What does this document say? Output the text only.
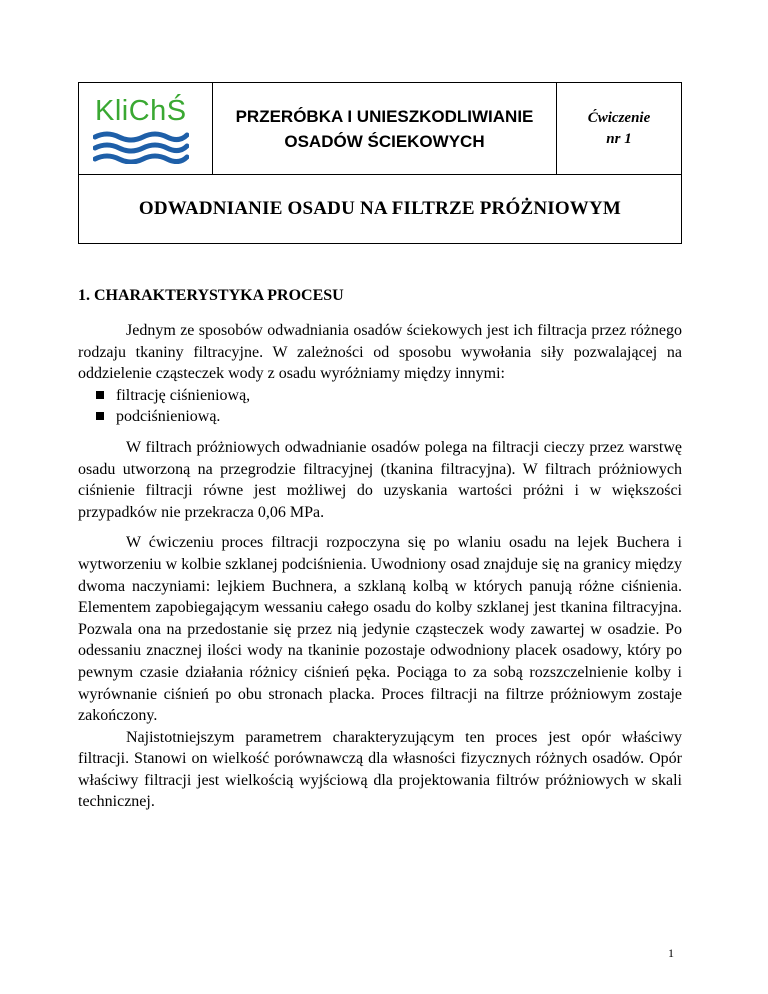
KliChŚ	PRZERÓBKA I UNIESZKODLIWIANIE
OSADÓW ŚCIEKOWYCH
Ćwiczenie
nr 1
ODWADNIANIE OSADU NA FILTRZE PRÓŻNIOWYM
1. CHARAKTERYSTYKA PROCESU

Jednym ze sposobów odwadniania osadów ściekowych jest ich filtracja przez różnego rodzaju tkaniny filtracyjne. W zależności od sposobu wywołania siły pozwalającej na oddzielenie cząsteczek wody z osadu wyróżniamy między innymi:

filtrację ciśnieniową,
podciśnieniową.

W filtrach próżniowych odwadnianie osadów polega na filtracji cieczy przez warstwę osadu utworzoną na przegrodzie filtracyjnej (tkanina filtracyjna). W filtrach próżniowych ciśnienie filtracji równe jest możliwej do uzyskania wartości próżni i w większości przypadków nie przekracza 0,06 MPa.

W ćwiczeniu proces filtracji rozpoczyna się po wlaniu osadu na lejek Buchera i wytworzeniu w kolbie szklanej podciśnienia. Uwodniony osad znajduje się na granicy między dwoma naczyniami: lejkiem Buchnera, a szklaną kolbą w których panują różne ciśnienia. Elementem zapobiegającym wessaniu całego osadu do kolby szklanej jest tkanina filtracyjna. Pozwala ona na przedostanie się przez nią jedynie cząsteczek wody zawartej w osadzie. Po odessaniu znacznej ilości wody na tkaninie pozostaje odwodniony placek osadowy, który po pewnym czasie działania różnicy ciśnień pęka. Pociąga to za sobą rozszczelnienie kolby i wyrównanie ciśnień po obu stronach placka. Proces filtracji na filtrze próżniowym zostaje zakończony.

Najistotniejszym parametrem charakteryzującym ten proces jest opór właściwy filtracji. Stanowi on wielkość porównawczą dla własności fizycznych różnych osadów. Opór właściwy filtracji jest wielkością wyjściową dla projektowania filtrów próżniowych w skali technicznej.

1
